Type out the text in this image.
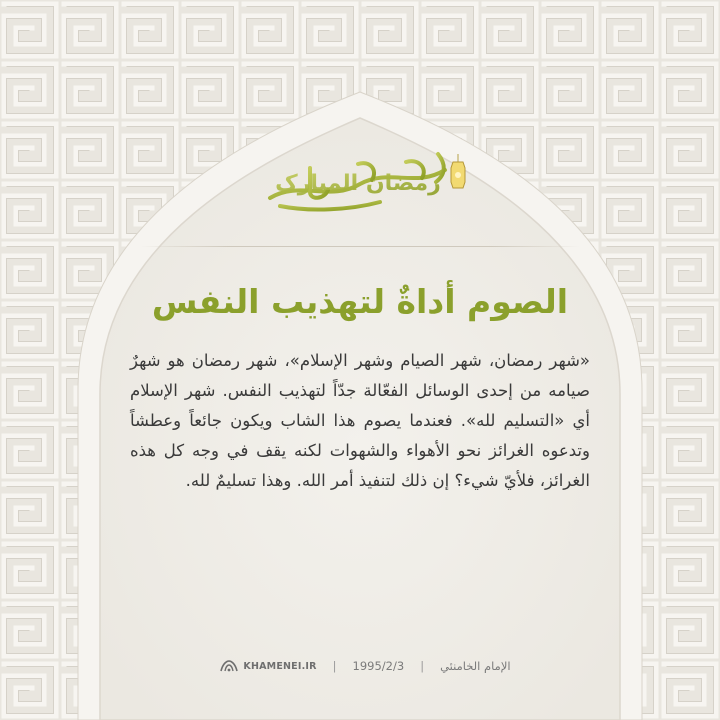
رمضان المبارک
الصوم أداةٌ لتهذيب النفس

«شهر رمضان، شهر الصيام وشهر الإسلام»، شهر رمضان هو شهرٌ صيامه من إحدى الوسائل الفعّالة جدّاً لتهذيب النفس. شهر الإسلام أي «التسليم لله». فعندما يصوم هذا الشاب ويكون جائعاً وعطشاً وتدعوه الغرائز نحو الأهواء والشهوات لكنه يقف في وجه كل هذه الغرائز، فلأيّ شيء؟ إن ذلك لتنفيذ أمر الله. وهذا تسليمٌ لله.

الإمام الخامنئي
|
1995/2/3
|
KHAMENEI.IR
